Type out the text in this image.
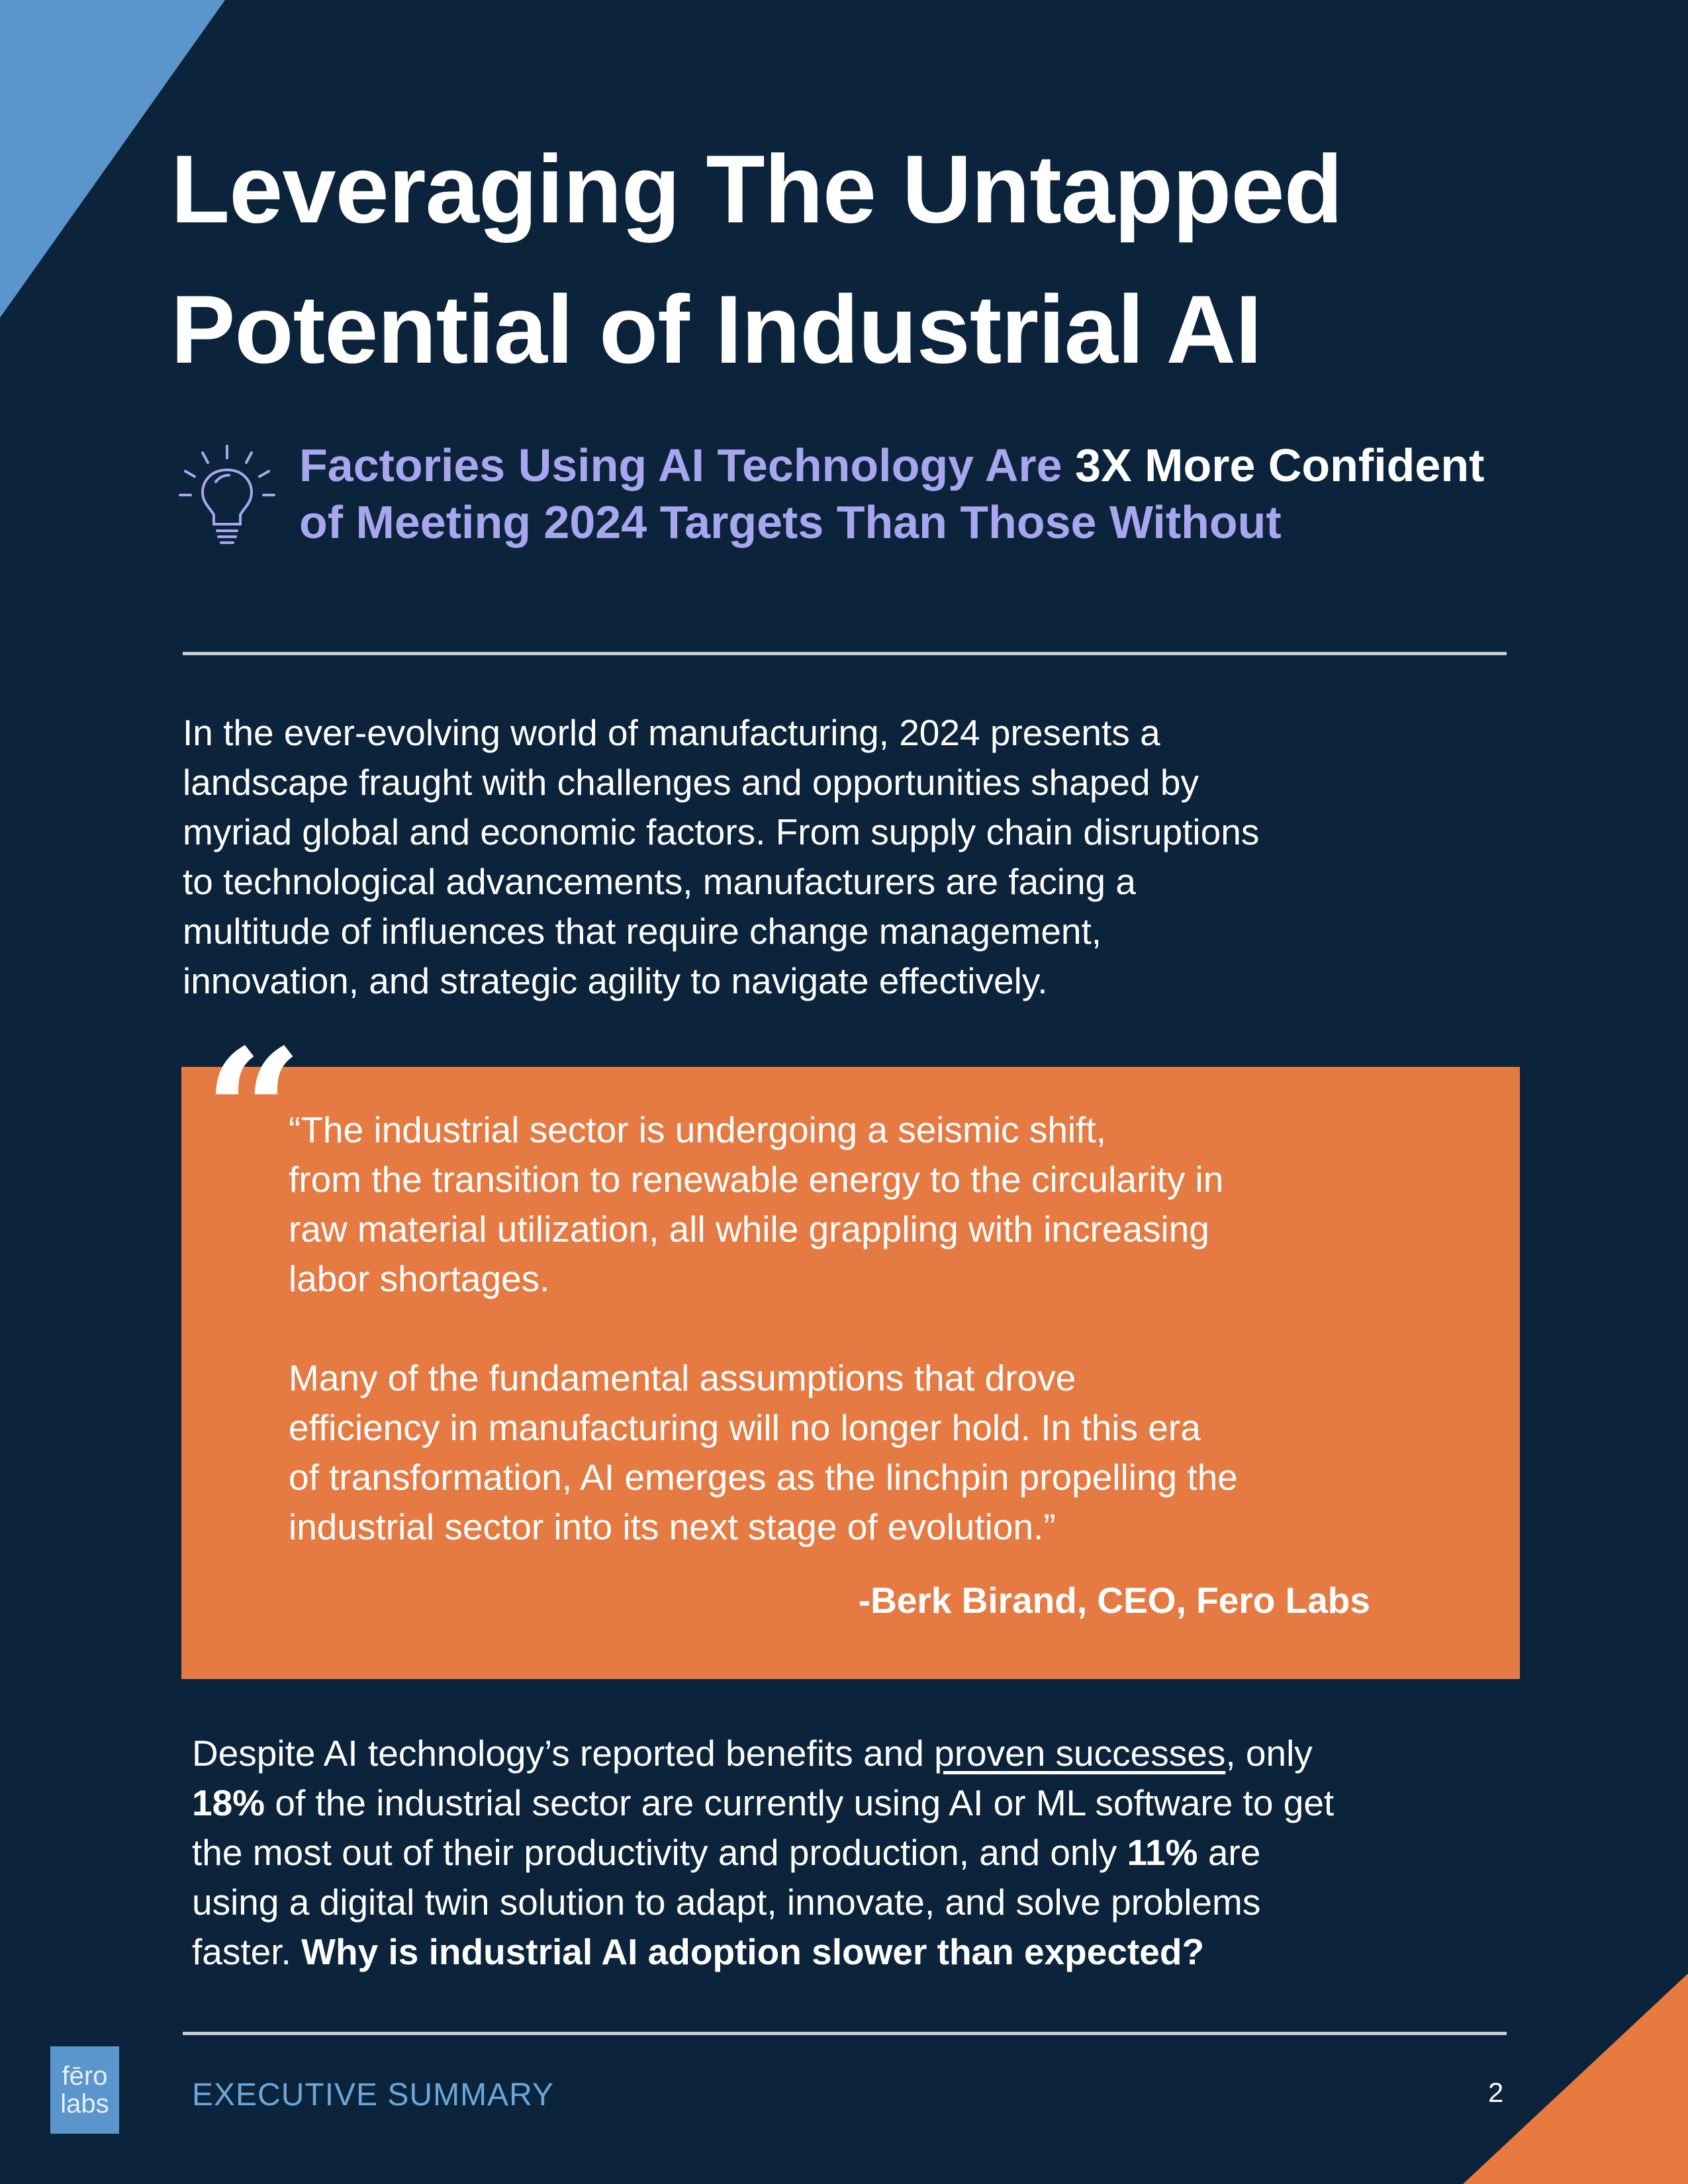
Leveraging The Untapped
Potential of Industrial AI
Factories Using AI Technology Are 3X More Confident
of Meeting 2024 Targets Than Those Without
In the ever-evolving world of manufacturing, 2024 presents a
landscape fraught with challenges and opportunities shaped by
myriad global and economic factors. From supply chain disruptions
to technological advancements, manufacturers are facing a
multitude of influences that require change management,
innovation, and strategic agility to navigate effectively.
“

“The industrial sector is undergoing a seismic shift,
from the transition to renewable energy to the circularity in
raw material utilization, all while grappling with increasing
labor shortages.

Many of the fundamental assumptions that drove
efficiency in manufacturing will no longer hold. In this era
of transformation, AI emerges as the linchpin propelling the
industrial sector into its next stage of evolution.”

-Berk Birand, CEO, Fero Labs
Despite AI technology’s reported benefits and proven successes, only
18% of the industrial sector are currently using AI or ML software to get
the most out of their productivity and production, and only 11% are
using a digital twin solution to adapt, innovate, and solve problems
faster. Why is industrial AI adoption slower than expected?
fēro
labs	EXECUTIVE SUMMARY	2
